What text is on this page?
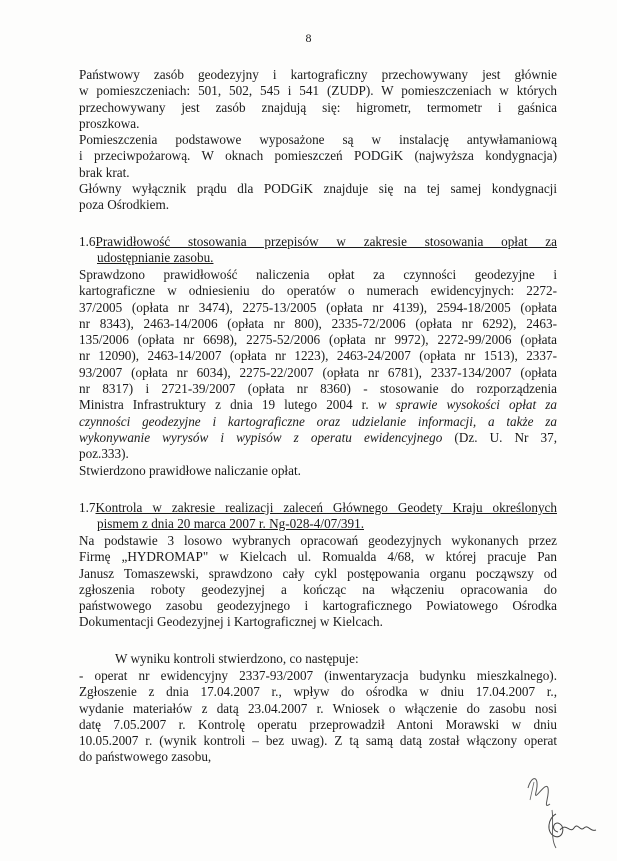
8
Państwowy zasób geodezyjny i kartograficzny przechowywany jest głównie
w pomieszczeniach: 501, 502, 545 i 541 (ZUDP). W pomieszczeniach w których
przechowywany jest zasób znajdują się: higrometr, termometr i gaśnica
proszkowa.
Pomieszczenia podstawowe wyposażone są w instalację antywłamaniową
i przeciwpożarową. W oknach pomieszczeń PODGiK (najwyższa kondygnacja)
brak krat.
Główny wyłącznik prądu dla PODGiK znajduje się na tej samej kondygnacji
poza Ośrodkiem.
1.6Prawidłowość stosowania przepisów w zakresie stosowania opłat za
udostępnianie zasobu.
Sprawdzono prawidłowość naliczenia opłat za czynności geodezyjne i
kartograficzne w odniesieniu do operatów o numerach ewidencyjnych: 2272-
37/2005 (opłata nr 3474), 2275-13/2005 (opłata nr 4139), 2594-18/2005 (opłata
nr 8343), 2463-14/2006 (opłata nr 800), 2335-72/2006 (opłata nr 6292), 2463-
135/2006 (opłata nr 6698), 2275-52/2006 (opłata nr 9972), 2272-99/2006 (opłata
nr 12090), 2463-14/2007 (opłata nr 1223), 2463-24/2007 (opłata nr 1513), 2337-
93/2007 (opłata nr 6034), 2275-22/2007 (opłata nr 6781), 2337-134/2007 (opłata
nr 8317) i 2721-39/2007 (opłata nr 8360) - stosowanie do rozporządzenia
Ministra Infrastruktury z dnia 19 lutego 2004 r. w sprawie wysokości opłat za
czynności geodezyjne i kartograficzne oraz udzielanie informacji, a także za
wykonywanie wyrysów i wypisów z operatu ewidencyjnego (Dz. U. Nr 37,
poz.333).
Stwierdzono prawidłowe naliczanie opłat.
1.7Kontrola w zakresie realizacji zaleceń Głównego Geodety Kraju określonych
pismem z dnia 20 marca 2007 r. Ng-028-4/07/391.
Na podstawie 3 losowo wybranych opracowań geodezyjnych wykonanych przez
Firmę „HYDROMAP" w Kielcach ul. Romualda 4/68, w której pracuje Pan
Janusz Tomaszewski, sprawdzono cały cykl postępowania organu począwszy od
zgłoszenia roboty geodezyjnej a kończąc na włączeniu opracowania do
państwowego zasobu geodezyjnego i kartograficznego Powiatowego Ośrodka
Dokumentacji Geodezyjnej i Kartograficznej w Kielcach.
W wyniku kontroli stwierdzono, co następuje:
- operat nr ewidencyjny 2337-93/2007 (inwentaryzacja budynku mieszkalnego).
Zgłoszenie z dnia 17.04.2007 r., wpływ do ośrodka w dniu 17.04.2007 r.,
wydanie materiałów z datą 23.04.2007 r. Wniosek o włączenie do zasobu nosi
datę 7.05.2007 r. Kontrolę operatu przeprowadził Antoni Morawski w dniu
10.05.2007 r. (wynik kontroli – bez uwag). Z tą samą datą został włączony operat
do państwowego zasobu,
